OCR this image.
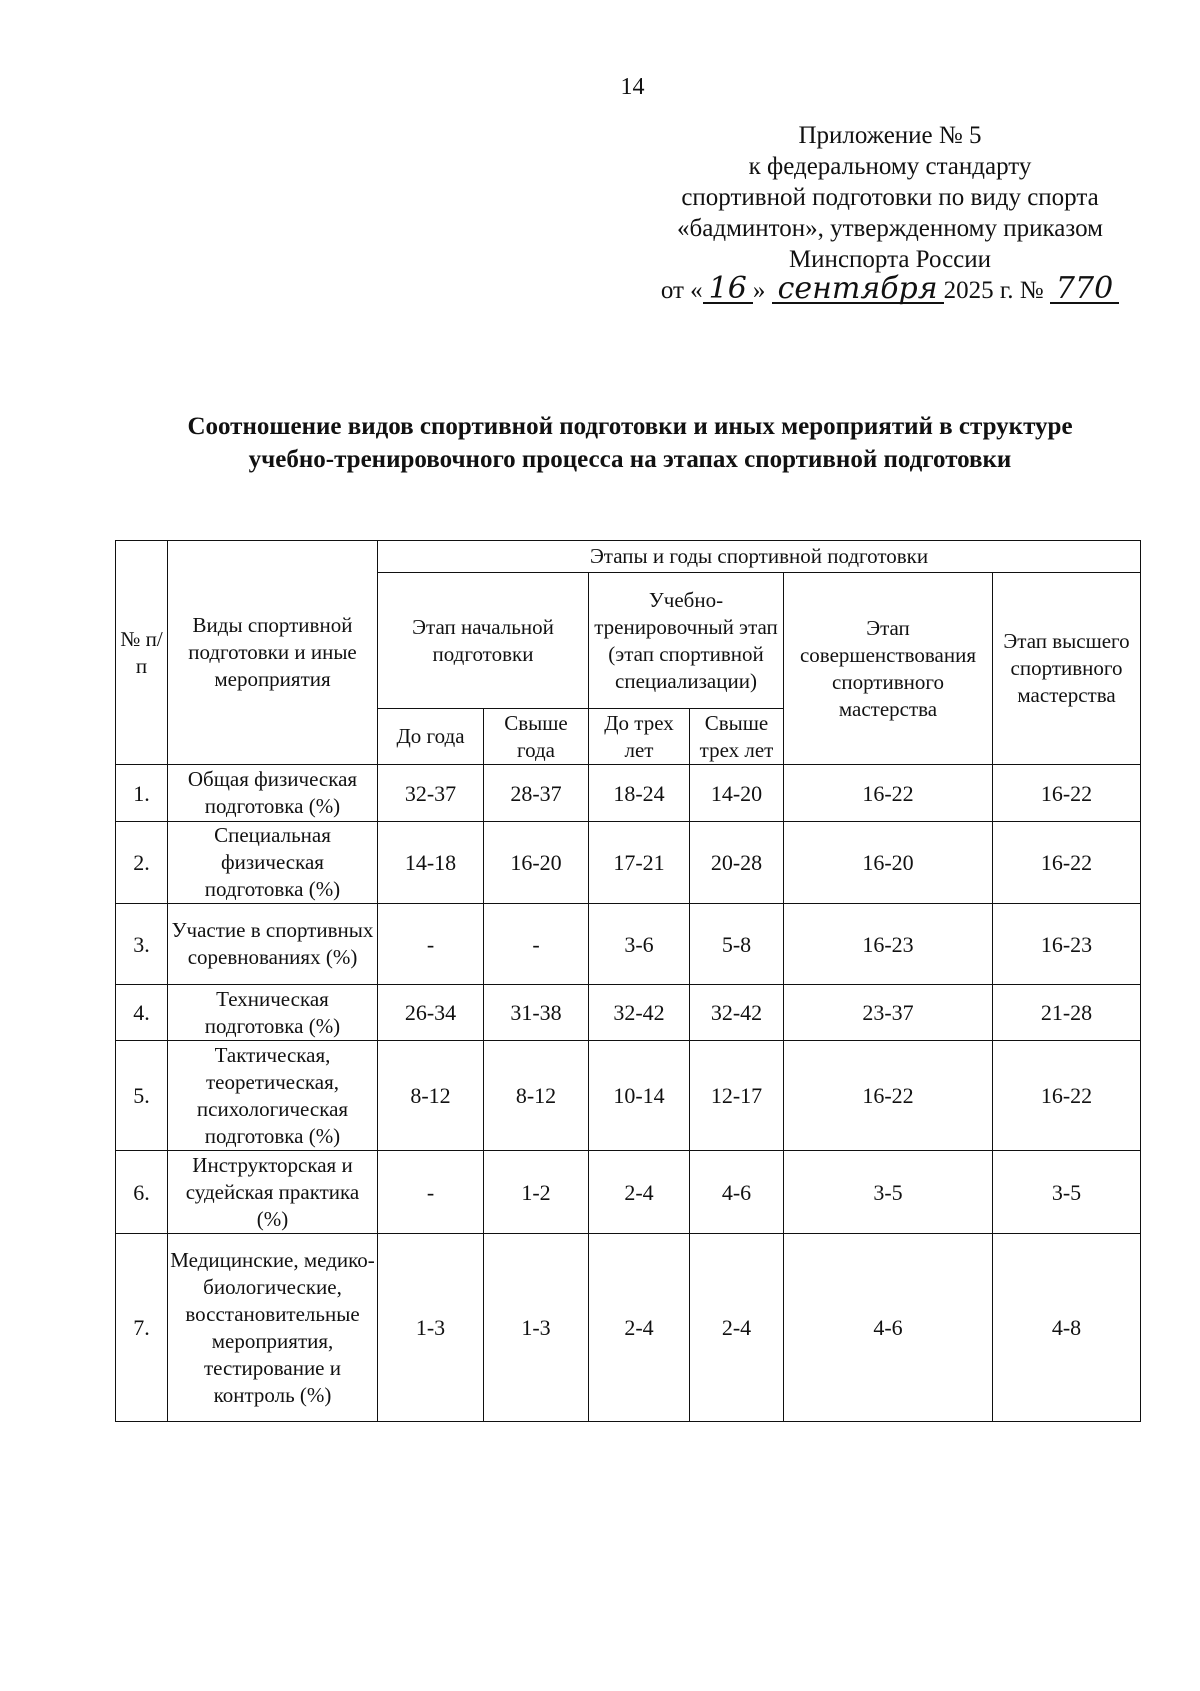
14
Приложение № 5
к федеральному стандарту
спортивной подготовки по виду спорта
«бадминтон», утвержденному приказом
Минспорта России
от « 16 » сентября 2025 г. № 770
Соотношение видов спортивной подготовки и иных мероприятий в структуре
учебно-тренировочного процесса на этапах спортивной подготовки
№ п/п	Виды спортивной подготовки и иные мероприятия	Этапы и годы спортивной подготовки					
		Этап начальной подготовки		Учебно-тренировочный этап (этап спортивной специализации)		Этап совершенствования спортивного мастерства	Этап высшего спортивного мастерства
		До года	Свыше года	До трех лет	Свыше трех лет		
1.	Общая физическая подготовка (%)	32-37	28-37	18-24	14-20	16-22	16-22
2.	Специальная физическая подготовка (%)	14-18	16-20	17-21	20-28	16-20	16-22
3.	Участие в спортивных соревнованиях (%)	-	-	3-6	5-8	16-23	16-23
4.	Техническая подготовка (%)	26-34	31-38	32-42	32-42	23-37	21-28
5.	Тактическая, теоретическая, психологическая подготовка (%)	8-12	8-12	10-14	12-17	16-22	16-22
6.	Инструкторская и судейская практика (%)	-	1-2	2-4	4-6	3-5	3-5
7.	Медицинские, медико-биологические, восстановительные мероприятия, тестирование и контроль (%)	1-3	1-3	2-4	2-4	4-6	4-8
